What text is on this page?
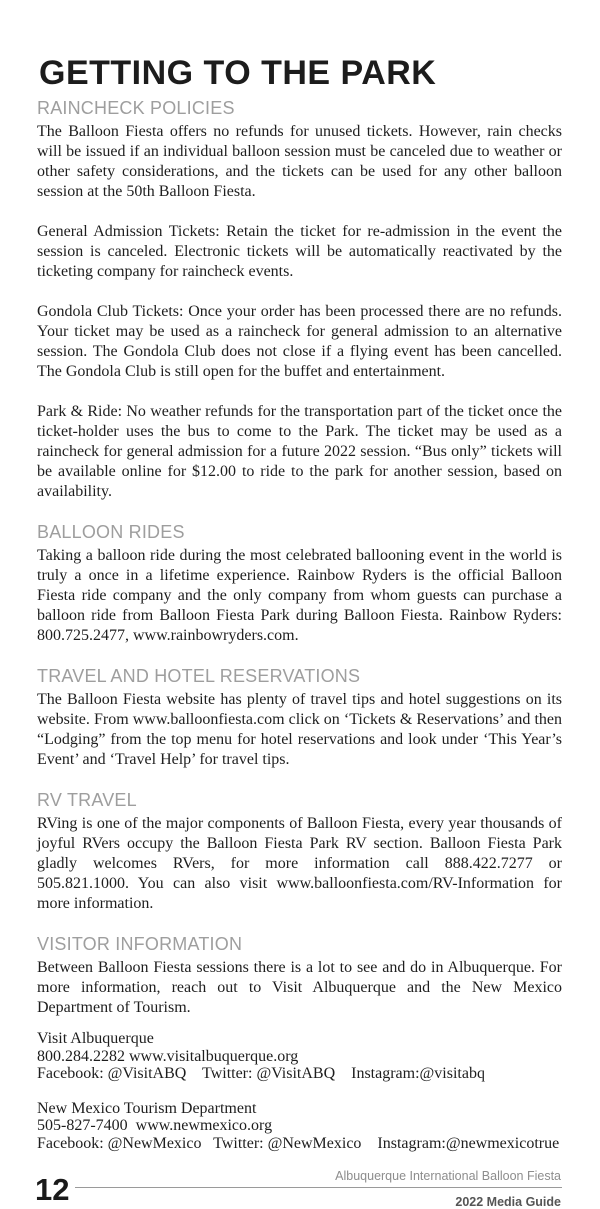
GETTING TO THE PARK
RAINCHECK POLICIES

The Balloon Fiesta offers no refunds for unused tickets. However, rain checks will be issued if an individual balloon session must be canceled due to weather or other safety considerations, and the tickets can be used for any other balloon session at the 50th Balloon Fiesta.

General Admission Tickets: Retain the ticket for re-admission in the event the session is canceled. Electronic tickets will be automatically reactivated by the ticketing company for raincheck events.

Gondola Club Tickets: Once your order has been processed there are no refunds. Your ticket may be used as a raincheck for general admission to an alternative session. The Gondola Club does not close if a flying event has been cancelled. The Gondola Club is still open for the buffet and entertainment.

Park & Ride: No weather refunds for the transportation part of the ticket once the ticket-holder uses the bus to come to the Park. The ticket may be used as a raincheck for general admission for a future 2022 session. “Bus only” tickets will be available online for $12.00 to ride to the park for another session, based on availability.

BALLOON RIDES

Taking a balloon ride during the most celebrated ballooning event in the world is truly a once in a lifetime experience. Rainbow Ryders is the official Balloon Fiesta ride company and the only company from whom guests can purchase a balloon ride from Balloon Fiesta Park during Balloon Fiesta. Rainbow Ryders: 800.725.2477, www.rainbowryders.com.

TRAVEL AND HOTEL RESERVATIONS

The Balloon Fiesta website has plenty of travel tips and hotel suggestions on its website. From www.balloonfiesta.com click on ‘Tickets & Reservations’ and then “Lodging” from the top menu for hotel reservations and look under ‘This Year’s Event’ and ‘Travel Help’ for travel tips.

RV TRAVEL

RVing is one of the major components of Balloon Fiesta, every year thousands of joyful RVers occupy the Balloon Fiesta Park RV section. Balloon Fiesta Park gladly welcomes RVers, for more information call 888.422.7277 or 505.821.1000. You can also visit www.balloonfiesta.com/RV-Information for more information.

VISITOR INFORMATION

Between Balloon Fiesta sessions there is a lot to see and do in Albuquerque. For more information, reach out to Visit Albuquerque and the New Mexico Department of Tourism.

Visit Albuquerque
800.284.2282 www.visitalbuquerque.org
Facebook: @VisitABQ    Twitter: @VisitABQ    Instagram:@visitabq
New Mexico Tourism Department
505-827-7400  www.newmexico.org
Facebook: @NewMexico   Twitter: @NewMexico    Instagram:@newmexicotrue
12	Albuquerque International Balloon Fiesta
2022 Media Guide
